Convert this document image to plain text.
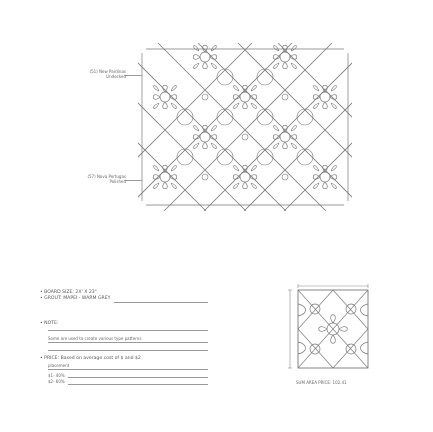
(51) New Pardinas
Undecked
(57) Nova Portugas
Polished
• BOARD SIZE: 2X' X 23"
• GROUT: MAPEI - WARM GREY
• NOTE:
Some are used to create various type patterns
• PRICE: Based on average cost of $ and $2
placement
$1- 40%
$2- 60%	SUM AREA PRICE: 102.41
